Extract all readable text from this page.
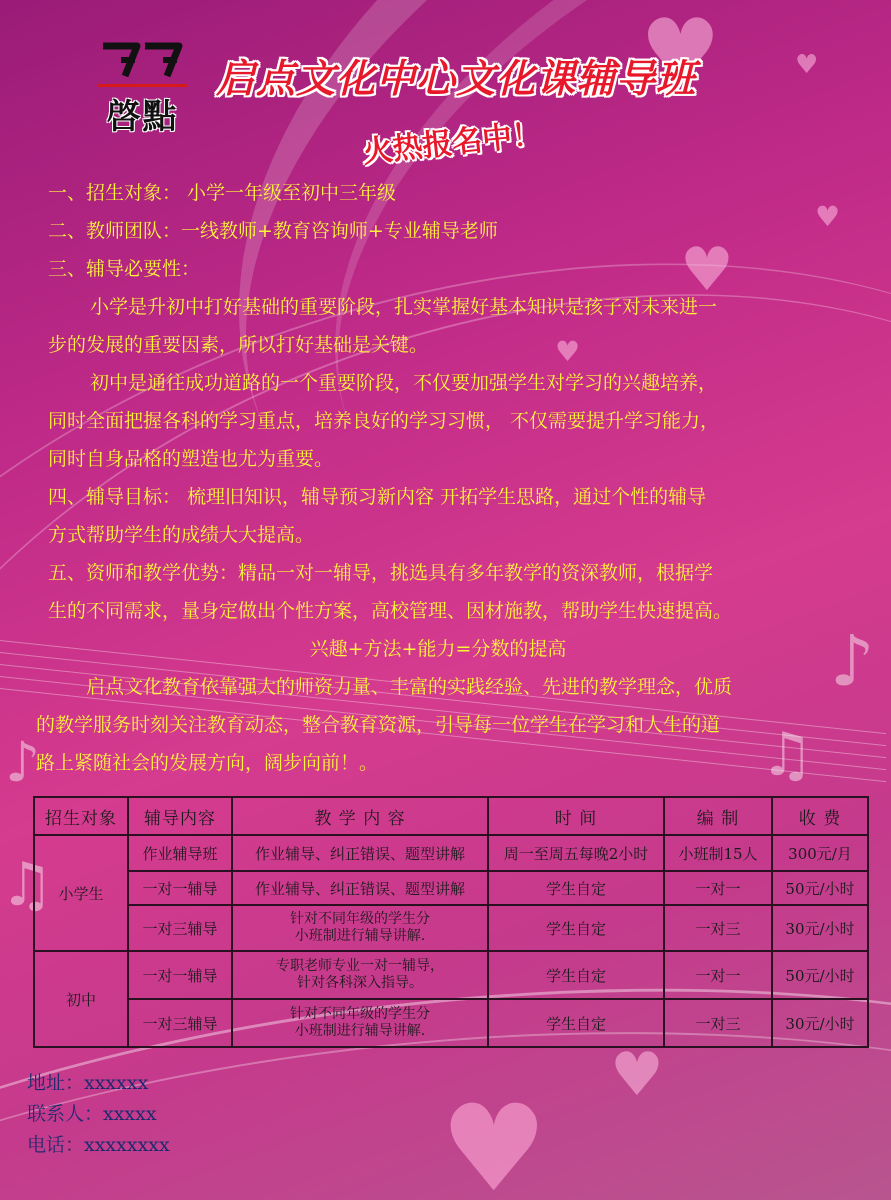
♥	♥
♥
♥
♥
♥
♥
♪
♫
♪
♫
啓點
启点文化中心文化课辅导班
火热报名中！
一、招生对象： 小学一年级至初中三年级
二、教师团队：一线教师+教育咨询师+专业辅导老师
三、辅导必要性：
小学是升初中打好基础的重要阶段，扎实掌握好基本知识是孩子对未来进一
步的发展的重要因素，所以打好基础是关键。
初中是通往成功道路的一个重要阶段，不仅要加强学生对学习的兴趣培养，
同时全面把握各科的学习重点，培养良好的学习习惯， 不仅需要提升学习能力，
同时自身品格的塑造也尤为重要。
四、辅导目标： 梳理旧知识，辅导预习新内容 开拓学生思路，通过个性的辅导
方式帮助学生的成绩大大提高。
五、资师和教学优势：精品一对一辅导，挑选具有多年教学的资深教师，根据学
生的不同需求，量身定做出个性方案，高校管理、因材施教，帮助学生快速提高。
兴趣+方法+能力=分数的提高
启点文化教育依靠强大的师资力量、丰富的实践经验、先进的教学理念，优质
的教学服务时刻关注教育动态，整合教育资源，引导每一位学生在学习和人生的道
路上紧随社会的发展方向，阔步向前！。
招生对象	辅导内容	教 学 内 容	时 间	编 制	收 费
小学生	作业辅导班	作业辅导、纠正错误、题型讲解	周一至周五每晚2小时	小班制15人	300元/月
	一对一辅导	作业辅导、纠正错误、题型讲解	学生自定	一对一	50元/小时
	一对三辅导	针对不同年级的学生分
小班制进行辅导讲解.	学生自定	一对三	30元/小时
初中	一对一辅导	专职老师专业一对一辅导，
针对各科深入指导。	学生自定	一对一	50元/小时
	一对三辅导	针对不同年级的学生分
小班制进行辅导讲解.	学生自定	一对三	30元/小时
地址：xxxxxx
联系人：xxxxx
电话：xxxxxxxx
